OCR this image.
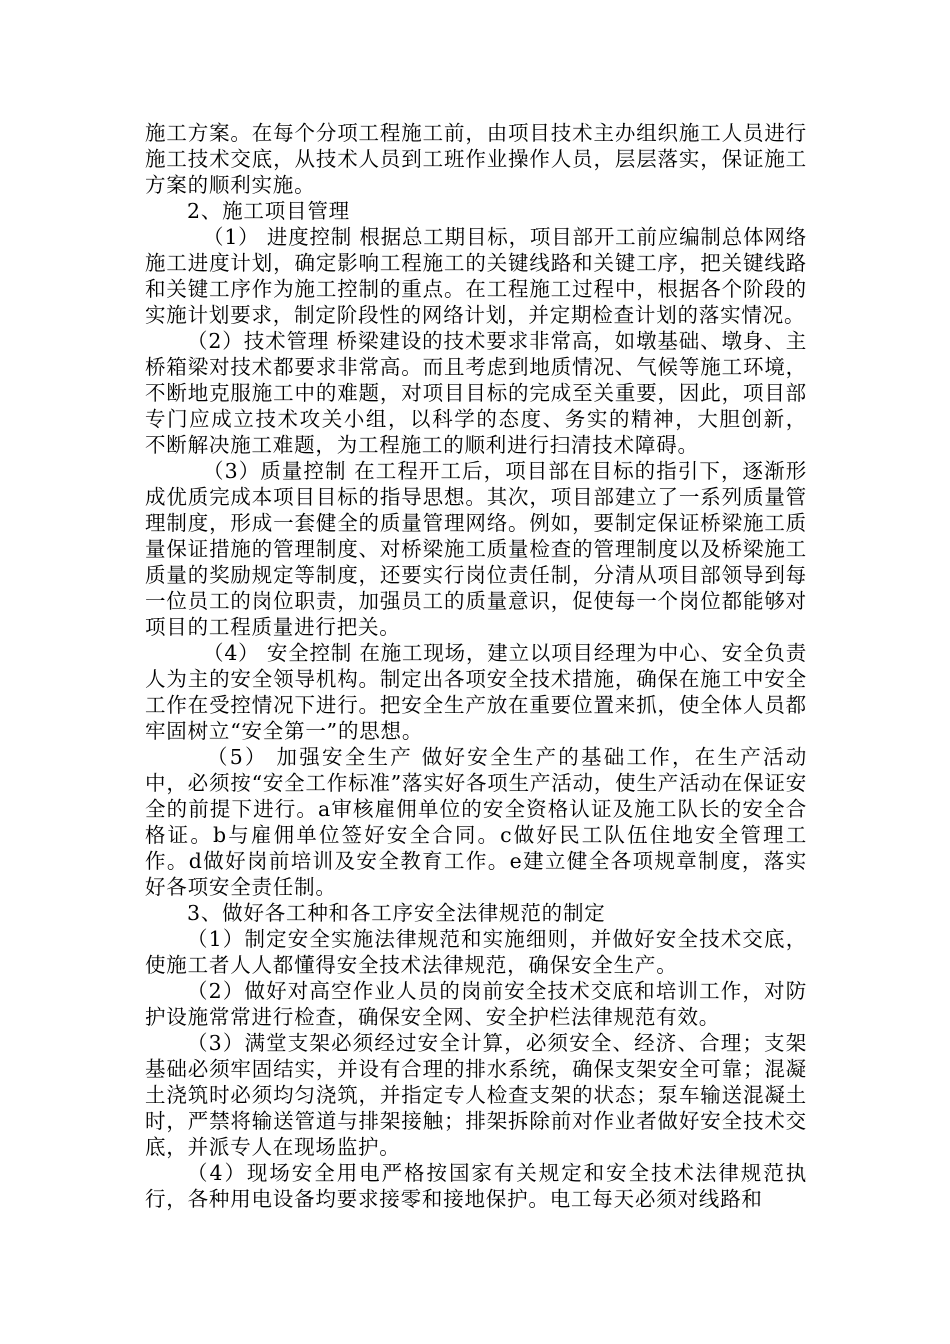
施工方案。在每个分项工程施工前，由项目技术主办组织施工人员进行施工技术交底，从技术人员到工班作业操作人员，层层落实，保证施工方案的顺利实施。

2、施工项目管理

（1） 进度控制 根据总工期目标，项目部开工前应编制总体网络施工进度计划，确定影响工程施工的关键线路和关键工序，把关键线路和关键工序作为施工控制的重点。在工程施工过程中，根据各个阶段的实施计划要求，制定阶段性的网络计划，并定期检查计划的落实情况。

（2）技术管理 桥梁建设的技术要求非常高，如墩基础、墩身、主桥箱梁对技术都要求非常高。而且考虑到地质情况、气候等施工环境，不断地克服施工中的难题，对项目目标的完成至关重要，因此，项目部专门应成立技术攻关小组，以科学的态度、务实的精神，大胆创新， 不断解决施工难题，为工程施工的顺利进行扫清技术障碍。

（3）质量控制 在工程开工后，项目部在目标的指引下，逐渐形成优质完成本项目目标的指导思想。其次，项目部建立了一系列质量管理制度，形成一套健全的质量管理网络。例如，要制定保证桥梁施工质量保证措施的管理制度、对桥梁施工质量检查的管理制度以及桥梁施工质量的奖励规定等制度，还要实行岗位责任制，分清从项目部领导到每一位员工的岗位职责，加强员工的质量意识，促使每一个岗位都能够对项目的工程质量进行把关。

（4） 安全控制 在施工现场，建立以项目经理为中心、安全负责人为主的安全领导机构。制定出各项安全技术措施，确保在施工中安全工作在受控情况下进行。把安全生产放在重要位置来抓，使全体人员都牢固树立“安全第一”的思想。

（5） 加强安全生产 做好安全生产的基础工作，在生产活动中，必须按“安全工作标准”落实好各项生产活动，使生产活动在保证安全的前提下进行。a审核雇佣单位的安全资格认证及施工队长的安全合格证。b与雇佣单位签好安全合同。c做好民工队伍住地安全管理工作。d做好岗前培训及安全教育工作。e建立健全各项规章制度，落实好各项安全责任制。

3、做好各工种和各工序安全法律规范的制定

（1）制定安全实施法律规范和实施细则，并做好安全技术交底，使施工者人人都懂得安全技术法律规范，确保安全生产。

（2）做好对高空作业人员的岗前安全技术交底和培训工作，对防护设施常常进行检查，确保安全网、安全护栏法律规范有效。

（3）满堂支架必须经过安全计算，必须安全、经济、合理；支架基础必须牢固结实，并设有合理的排水系统，确保支架安全可靠；混凝土浇筑时必须均匀浇筑，并指定专人检查支架的状态；泵车输送混凝土时，严禁将输送管道与排架接触；排架拆除前对作业者做好安全技术交底，并派专人在现场监护。

（4）现场安全用电严格按国家有关规定和安全技术法律规范执行，各种用电设备均要求接零和接地保护。电工每天必须对线路和
